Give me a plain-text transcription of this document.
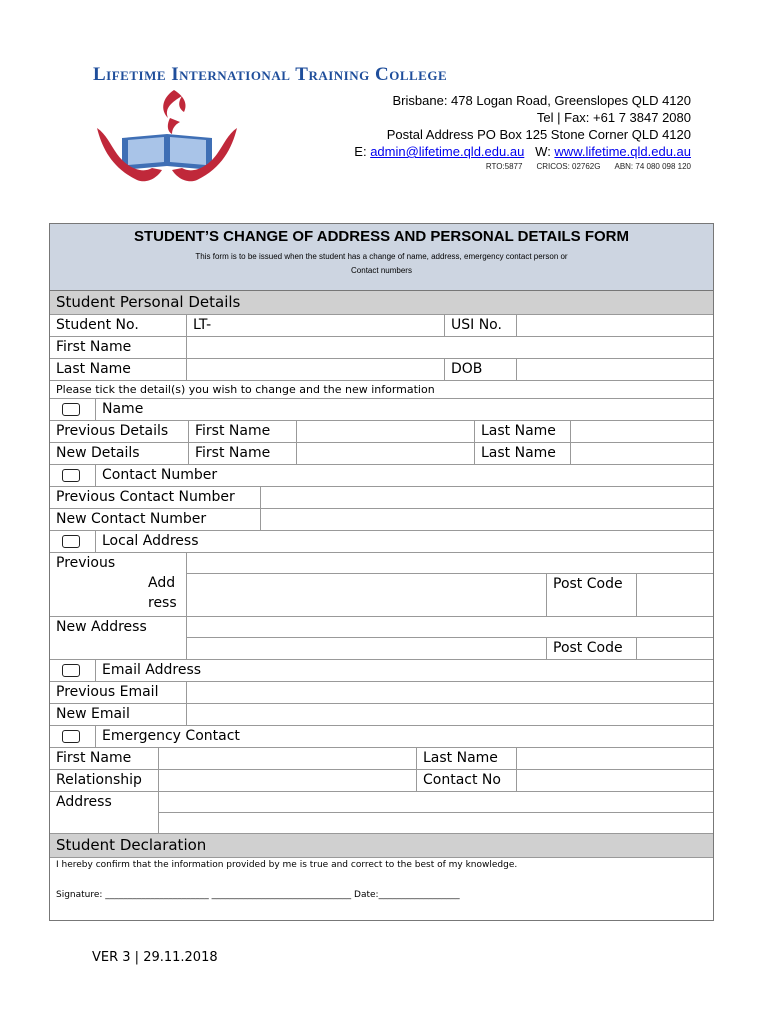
Lifetime International Training College
Brisbane: 478 Logan Road, Greenslopes QLD 4120
Tel | Fax: +61 7 3847 2080
Postal Address PO Box 125 Stone Corner QLD 4120
E: admin@lifetime.qld.edu.au W: www.lifetime.qld.edu.au
RTO:5877 CRICOS: 02762G ABN: 74 080 098 120
STUDENT’S CHANGE OF ADDRESS AND PERSONAL DETAILS FORM
This form is to be issued when the student has a change of name, address, emergency contact person or
Contact numbers
Student Personal Details
Student No.	LT-	USI No.
First Name
Last Name	DOB
Please tick the detail(s) you wish to change and the new information
Name
Previous Details	First Name	Last Name
New Details	First Name	Last Name
Contact Number
Previous Contact Number
New Contact Number
Local Address
Previous
Add
ress
Post Code
New Address
Post Code
Email Address
Previous Email
New Email
Emergency Contact
First Name	Last Name
Relationship	Contact No
Address
Student Declaration
I hereby confirm that the information provided by me is true and correct to the best of my knowledge.
Signature: _______________________ _______________________________ Date:__________________
VER 3 | 29.11.2018
